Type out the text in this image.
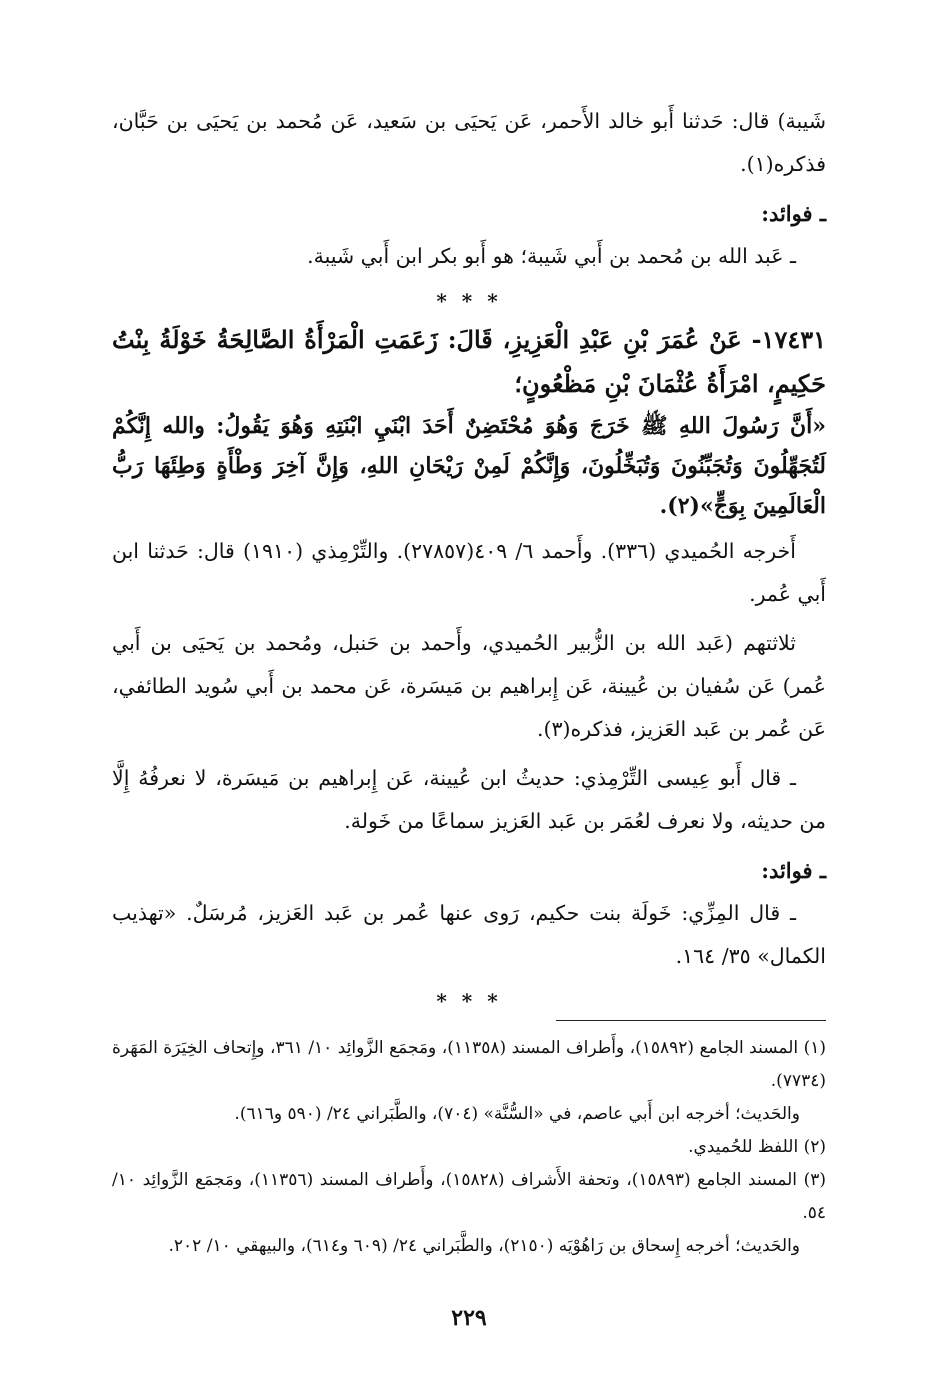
شَيبة) قال: حَدثنا أَبو خالد الأَحمر، عَن يَحيَى بن سَعيد، عَن مُحمد بن يَحيَى بن حَبَّان، فذكره(١).

ـ فوائد:

ـ عَبد الله بن مُحمد بن أَبي شَيبة؛ هو أَبو بكر ابن أَبي شَيبة.

* * *

١٧٤٣١- عَنْ عُمَرَ بْنِ عَبْدِ الْعَزِيزِ، قَالَ: زَعَمَتِ الْمَرْأَةُ الصَّالِحَةُ خَوْلَةُ بِنْتُ حَكِيمٍ، امْرَأَةُ عُثْمَانَ بْنِ مَظْعُونٍ؛

«أَنَّ رَسُولَ اللهِ ﷺ خَرَجَ وَهُوَ مُحْتَضِنٌ أَحَدَ ابْنَيِ ابْنَتِهِ وَهُوَ يَقُولُ: والله إِنَّكُمْ لَتُجَهِّلُونَ وَتُجَبِّنُونَ وَتُبَخِّلُونَ، وَإِنَّكُمْ لَمِنْ رَيْحَانِ اللهِ، وَإِنَّ آخِرَ وَطْأَةٍ وَطِئَهَا رَبُّ الْعَالَمِينَ بِوَجٍّ»(٢).

أَخرجه الحُميدي (٣٣٦). وأَحمد ٦/ ٤٠٩(٢٧٨٥٧). والتِّرْمِذي (١٩١٠) قال: حَدثنا ابن أَبي عُمر.

ثلاثتهم (عَبد الله بن الزُّبير الحُميدي، وأَحمد بن حَنبل، ومُحمد بن يَحيَى بن أَبي عُمر) عَن سُفيان بن عُيينة، عَن إِبراهيم بن مَيسَرة، عَن محمد بن أَبي سُويد الطائفي، عَن عُمر بن عَبد العَزيز، فذكره(٣).

ـ قال أَبو عِيسى التِّرْمِذي: حديثُ ابن عُيينة، عَن إِبراهيم بن مَيسَرة، لا نعرفُهُ إِلَّا من حديثه، ولا نعرف لعُمَر بن عَبد العَزيز سماعًا من خَولة.

ـ فوائد:

ـ قال المِزِّي: خَولَة بنت حكيم، رَوى عنها عُمر بن عَبد العَزيز، مُرسَلٌ. «تهذيب الكمال» ٣٥/ ١٦٤.

* * *

(١) المسند الجامع (١٥٨٩٢)، وأَطراف المسند (١١٣٥٨)، ومَجمَع الزَّوائِد ١٠/ ٣٦١، وإِتحاف الخِيَرَة المَهَرة (٧٧٣٤).

والحَديث؛ أخرجه ابن أَبي عاصم، في «السُّنَّة» (٧٠٤)، والطَّبَراني ٢٤/ (٥٩٠ و٦١٦).

(٢) اللفظ للحُميدي.

(٣) المسند الجامع (١٥٨٩٣)، وتحفة الأَشراف (١٥٨٢٨)، وأَطراف المسند (١١٣٥٦)، ومَجمَع الزَّوائِد ١٠/ ٥٤.

والحَديث؛ أخرجه إِسحاق بن رَاهُوْيَه (٢١٥٠)، والطَّبَراني ٢٤/ (٦٠٩ و٦١٤)، والبيهقي ١٠/ ٢٠٢.

٢٢٩
